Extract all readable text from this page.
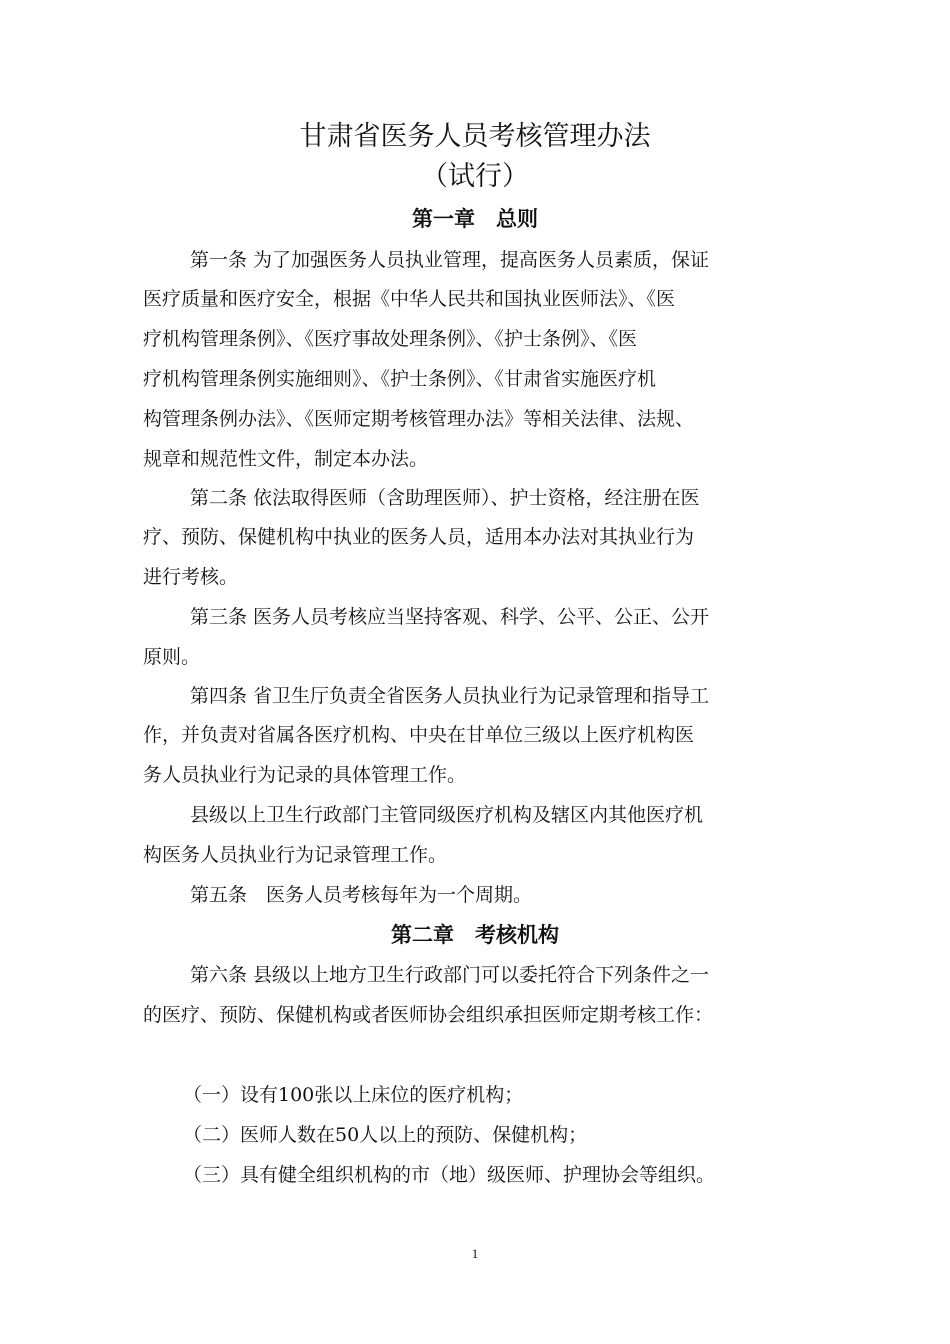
甘肃省医务人员考核管理办法
（试行）
第一章　总则
第一条 为了加强医务人员执业管理，提高医务人员素质，保证
医疗质量和医疗安全，根据《中华人民共和国执业医师法》、《医
疗机构管理条例》、《医疗事故处理条例》、《护士条例》、《医
疗机构管理条例实施细则》、《护士条例》、《甘肃省实施医疗机
构管理条例办法》、《医师定期考核管理办法》等相关法律、法规、
规章和规范性文件，制定本办法。
第二条 依法取得医师（含助理医师）、护士资格，经注册在医
疗、预防、保健机构中执业的医务人员，适用本办法对其执业行为
进行考核。
第三条 医务人员考核应当坚持客观、科学、公平、公正、公开
原则。
第四条 省卫生厅负责全省医务人员执业行为记录管理和指导工
作，并负责对省属各医疗机构、中央在甘单位三级以上医疗机构医
务人员执业行为记录的具体管理工作。
县级以上卫生行政部门主管同级医疗机构及辖区内其他医疗机
构医务人员执业行为记录管理工作。
第五条　医务人员考核每年为一个周期。
第二章　考核机构
第六条 县级以上地方卫生行政部门可以委托符合下列条件之一
的医疗、预防、保健机构或者医师协会组织承担医师定期考核工作：
（一）设有100张以上床位的医疗机构；
（二）医师人数在50人以上的预防、保健机构；
（三）具有健全组织机构的市（地）级医师、护理协会等组织。
1
